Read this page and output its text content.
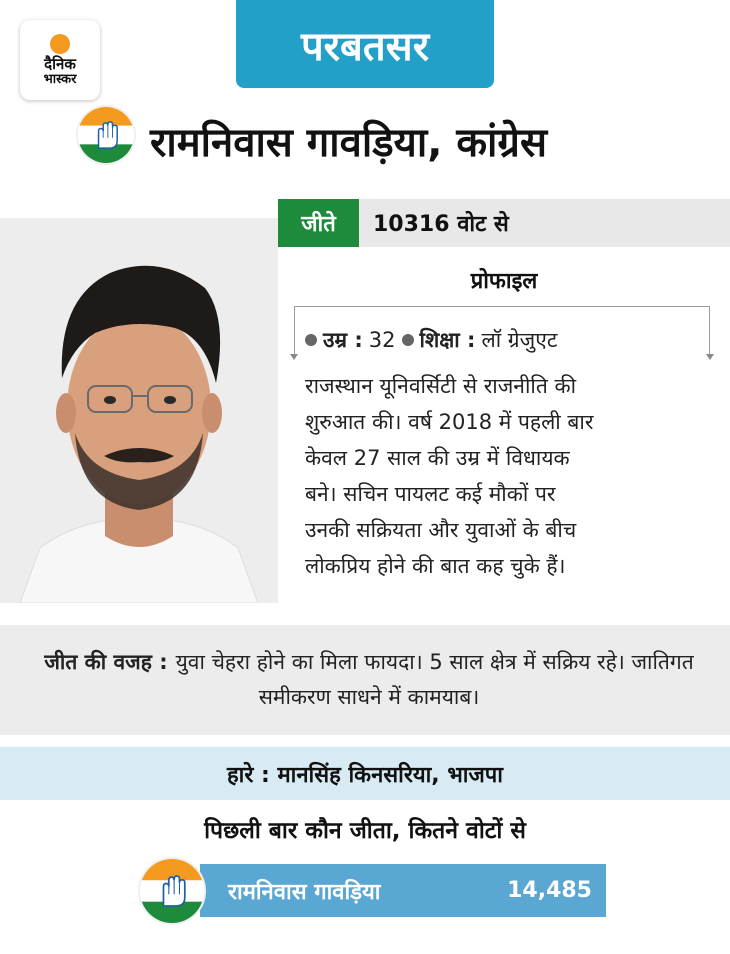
दैनिक
भास्कर
परबतसर
रामनिवास गावड़िया, कांग्रेस
जीते	10316 वोट से
प्रोफाइल
उम्र : 32 शिक्षा : लॉ ग्रेजुएट
राजस्थान यूनिवर्सिटी से राजनीति की
शुरुआत की। वर्ष 2018 में पहली बार
केवल 27 साल की उम्र में विधायक
बने। सचिन पायलट कई मौकों पर
उनकी सक्रियता और युवाओं के बीच
लोकप्रिय होने की बात कह चुके हैं।
जीत की वजह : युवा चेहरा होने का मिला फायदा। 5 साल क्षेत्र में सक्रिय रहे। जातिगत समीकरण साधने में कामयाब।
हारे : मानसिंह किनसरिया, भाजपा
पिछली बार कौन जीता, कितने वोटों से
रामनिवास गावड़िया	14,485
